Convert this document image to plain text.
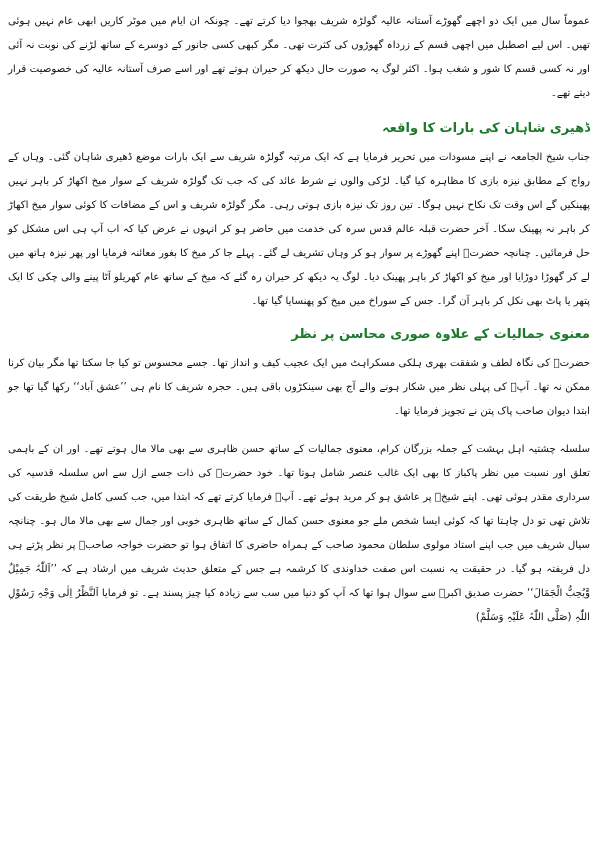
عموماً سال میں ایک دو اچھے گھوڑے آستانہ عالیہ گولڑہ شریف بھجوا دیا کرتے تھے۔ چونکہ ان ایام میں موٹر کاریں ابھی عام نہیں ہوئی تھیں۔ اس لیے اصطبل میں اچھی قسم کے زرداہ گھوڑوں کی کثرت تھی۔ مگر کبھی کسی جانور کے دوسرے کے ساتھ لڑنے کی نوبت نہ آئی اور نہ کسی قسم کا شور و شغب ہوا۔ اکثر لوگ یہ صورت حال دیکھ کر حیران ہوتے تھے اور اسے صرف آستانہ عالیہ کی خصوصیت قرار دیتے تھے۔

ڈھیری شاہان کی بارات کا واقعہ

جناب شیخ الجامعہ نے اپنے مسودات میں تحریر فرمایا ہے کہ ایک مرتبہ گولڑہ شریف سے ایک بارات موضع ڈھیری شاہان گئی۔ وہاں کے رواج کے مطابق نیزہ بازی کا مظاہرہ کیا گیا۔ لڑکی والوں نے شرط عائد کی کہ جب تک گولڑہ شریف کے سوار میخ اکھاڑ کر باہر نہیں پھینکیں گے اس وقت تک نکاح نہیں ہوگا۔ تین روز تک نیزہ بازی ہوتی رہی۔ مگر گولڑہ شریف و اس کے مضافات کا کوئی سوار میخ اکھاڑ کر باہر نہ پھینک سکا۔ آخر حضرت قبلہ عالم قدس سرہ کی خدمت میں حاضر ہو کر انہوں نے عرض کیا کہ اب آپ ہی اس مشکل کو حل فرمائیں۔ چنانچہ حضرتؒ اپنے گھوڑے پر سوار ہو کر وہاں تشریف لے گئے۔ پہلے جا کر میخ کا بغور معائنہ فرمایا اور پھر نیزہ ہاتھ میں لے کر گھوڑا دوڑایا اور میخ کو اکھاڑ کر باہر پھینک دیا۔ لوگ یہ دیکھ کر حیران رہ گئے کہ میخ کے ساتھ عام کھریلو آٹا پینے والی چکی کا ایک پتھر یا پاٹ بھی نکل کر باہر آن گرا۔ جس کے سوراخ میں میخ کو پھنسایا گیا تھا۔

معنوی جمالیات کے علاوہ صوری محاسن پر نظر

حضرتؒ کی نگاہ لطف و شفقت بھری ہلکی مسکراہٹ میں ایک عجیب کیف و انداز تھا۔ جسے محسوس تو کیا جا سکتا تھا مگر بیان کرنا ممکن نہ تھا۔ آپؒ کی پہلی نظر میں شکار ہونے والے آج بھی سینکڑوں باقی ہیں۔ حجرہ شریف کا نام ہی ’’عشق آباد‘‘ رکھا گیا تھا جو ابتدا دیوان صاحب پاک پتن نے تجویز فرمایا تھا۔

سلسلہ چشتیہ اہل بہشت کے جملہ بزرگان کرام، معنوی جمالیات کے ساتھ حسن ظاہری سے بھی مالا مال ہوتے تھے۔ اور ان کے باہمی تعلق اور نسبت میں نظر پاکباز کا بھی ایک غالب عنصر شامل ہوتا تھا۔ خود حضرتؒ کی ذات جسے ازل سے اس سلسلہ قدسیہ کی سرداری مقدر ہوئی تھی۔ اپنے شیخؒ پر عاشق ہو کر مرید ہوئے تھے۔ آپؒ فرمایا کرتے تھے کہ ابتدا میں، جب کسی کامل شیخ طریقت کی تلاش تھی تو دل چاہتا تھا کہ کوئی ایسا شخص ملے جو معنوی حسن کمال کے ساتھ ظاہری خوبی اور جمال سے بھی مالا مال ہو۔ چنانچہ سیال شریف میں جب اپنے استاد مولوی سلطان محمود صاحب کے ہمراہ حاضری کا اتفاق ہوا تو حضرت خواجہ صاحبؒ پر نظر پڑتے ہی دل فریفتہ ہو گیا۔ در حقیقت یہ نسبت اس صفت خداوندی کا کرشمہ ہے جس کے متعلق حدیث شریف میں ارشاد ہے کہ ’’اَللّٰہُ جَمِیْلٌ وَّیُحِبُّ الْجَمَالَ‘‘ حضرت صدیق اکبرؓ سے سوال ہوا تھا کہ آپ کو دنیا میں سب سے زیادہ کیا چیز پسند ہے۔ تو فرمایا اَلنَّظْرُ اِلٰی وَجْہِ رَسُوْلِ اللّٰہِ (صَلَّی اللّٰہُ عَلَیْہِ وَسَلَّمْ)
